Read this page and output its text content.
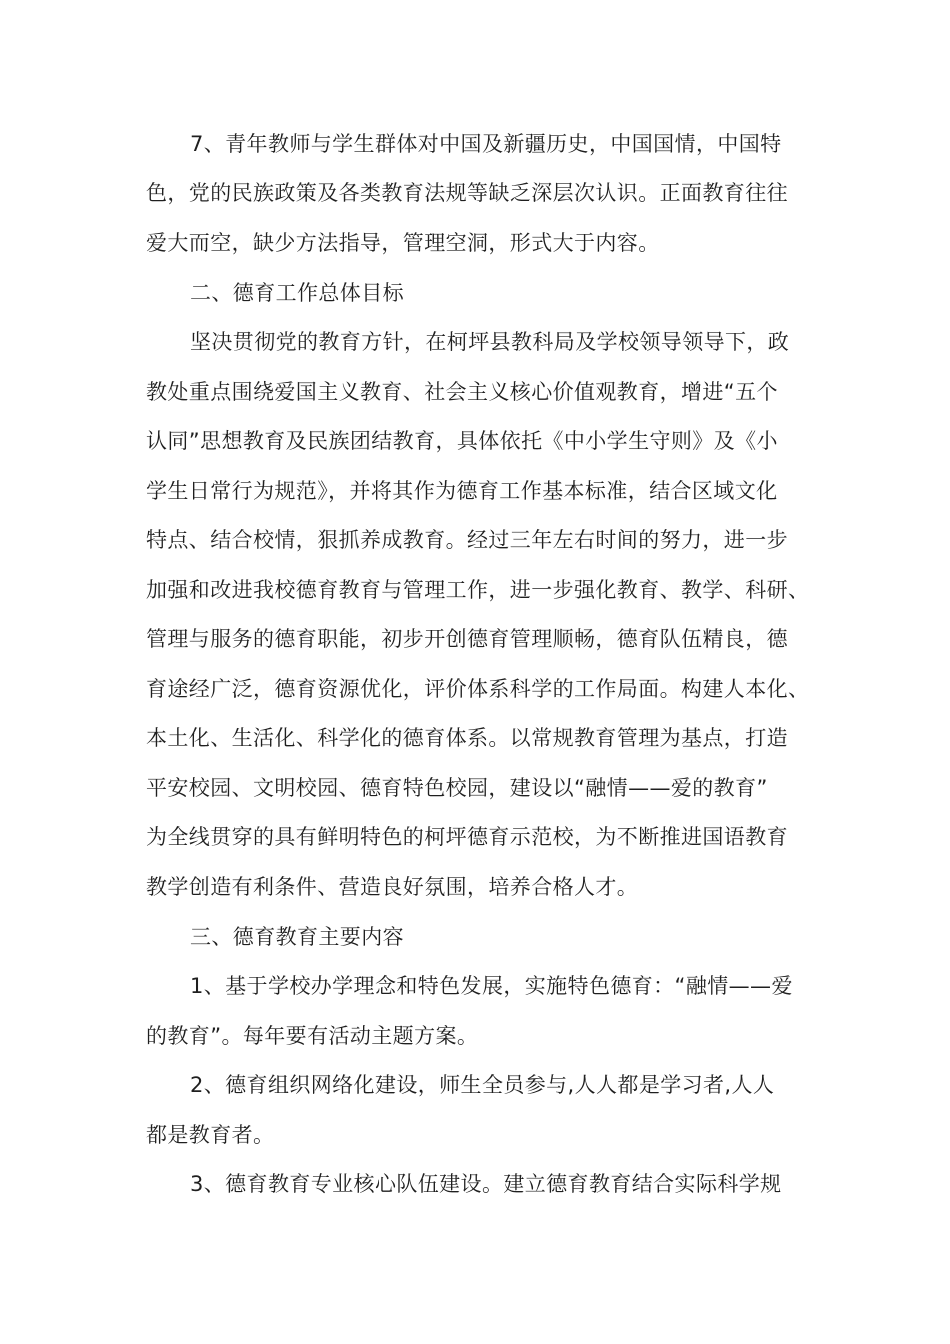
7、青年教师与学生群体对中国及新疆历史，中国国情，中国特
色，党的民族政策及各类教育法规等缺乏深层次认识。正面教育往往
爱大而空，缺少方法指导，管理空洞，形式大于内容。
二、德育工作总体目标
坚决贯彻党的教育方针，在柯坪县教科局及学校领导领导下，政
教处重点围绕爱国主义教育、社会主义核心价值观教育，增进“五个
认同”思想教育及民族团结教育，具体依托《中小学生守则》及《小
学生日常行为规范》，并将其作为德育工作基本标准，结合区域文化
特点、结合校情，狠抓养成教育。经过三年左右时间的努力，进一步
加强和改进我校德育教育与管理工作，进一步强化教育、教学、科研、
管理与服务的德育职能，初步开创德育管理顺畅，德育队伍精良，德
育途经广泛，德育资源优化，评价体系科学的工作局面。构建人本化、
本土化、生活化、科学化的德育体系。以常规教育管理为基点，打造
平安校园、文明校园、德育特色校园，建设以“融情——爱的教育”
为全线贯穿的具有鲜明特色的柯坪德育示范校，为不断推进国语教育
教学创造有利条件、营造良好氛围，培养合格人才。
三、德育教育主要内容
1、基于学校办学理念和特色发展，实施特色德育：“融情——爱
的教育”。每年要有活动主题方案。
2、德育组织网络化建设，师生全员参与,人人都是学习者,人人
都是教育者。
3、德育教育专业核心队伍建设。建立德育教育结合实际科学规
